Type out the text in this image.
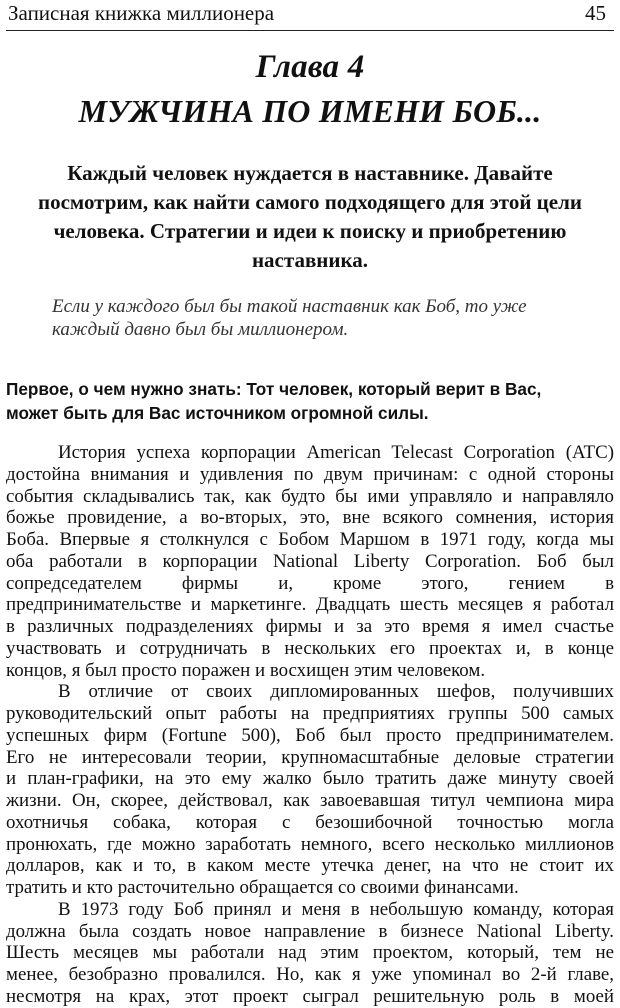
Записная книжка миллионера	45
Глава 4
МУЖЧИНА ПО ИМЕНИ БОБ...
Каждый человек нуждается в наставнике. Давайте
посмотрим, как найти самого подходящего для этой цели
человека. Стратегии и идеи к поиску и приобретению
наставника.
Если у каждого был бы такой наставник как Боб, то уже
каждый давно был бы миллионером.
Первое, о чем нужно знать: Тот человек, который верит в Вас,
может быть для Вас источником огромной силы.
История успеха корпорации American Telecast Corporation (ATC)
достойна внимания и удивления по двум причинам: с одной стороны
события складывались так, как будто бы ими управляло и направляло
божье провидение, а во-вторых, это, вне всякого сомнения, история
Боба. Впервые я столкнулся с Бобом Маршом в 1971 году, когда мы
оба работали в корпорации National Liberty Corporation. Боб был
сопредседателем фирмы и, кроме этого, гением в
предпринимательстве и маркетинге. Двадцать шесть месяцев я работал
в различных подразделениях фирмы и за это время я имел счастье
участвовать и сотрудничать в нескольких его проектах и, в конце
концов, я был просто поражен и восхищен этим человеком.
В отличие от своих дипломированных шефов, получивших
руководительский опыт работы на предприятиях группы 500 самых
успешных фирм (Fortune 500), Боб был просто предпринимателем.
Его не интересовали теории, крупномасштабные деловые стратегии
и план-графики, на это ему жалко было тратить даже минуту своей
жизни. Он, скорее, действовал, как завоевавшая титул чемпиона мира
охотничья собака, которая с безошибочной точностью могла
пронюхать, где можно заработать немного, всего несколько миллионов
долларов, как и то, в каком месте утечка денег, на что не стоит их
тратить и кто расточительно обращается со своими финансами.
В 1973 году Боб принял и меня в небольшую команду, которая
должна была создать новое направление в бизнесе National Liberty.
Шесть месяцев мы работали над этим проектом, который, тем не
менее, безобразно провалился. Но, как я уже упоминал во 2-й главе,
несмотря на крах, этот проект сыграл решительную роль в моей
